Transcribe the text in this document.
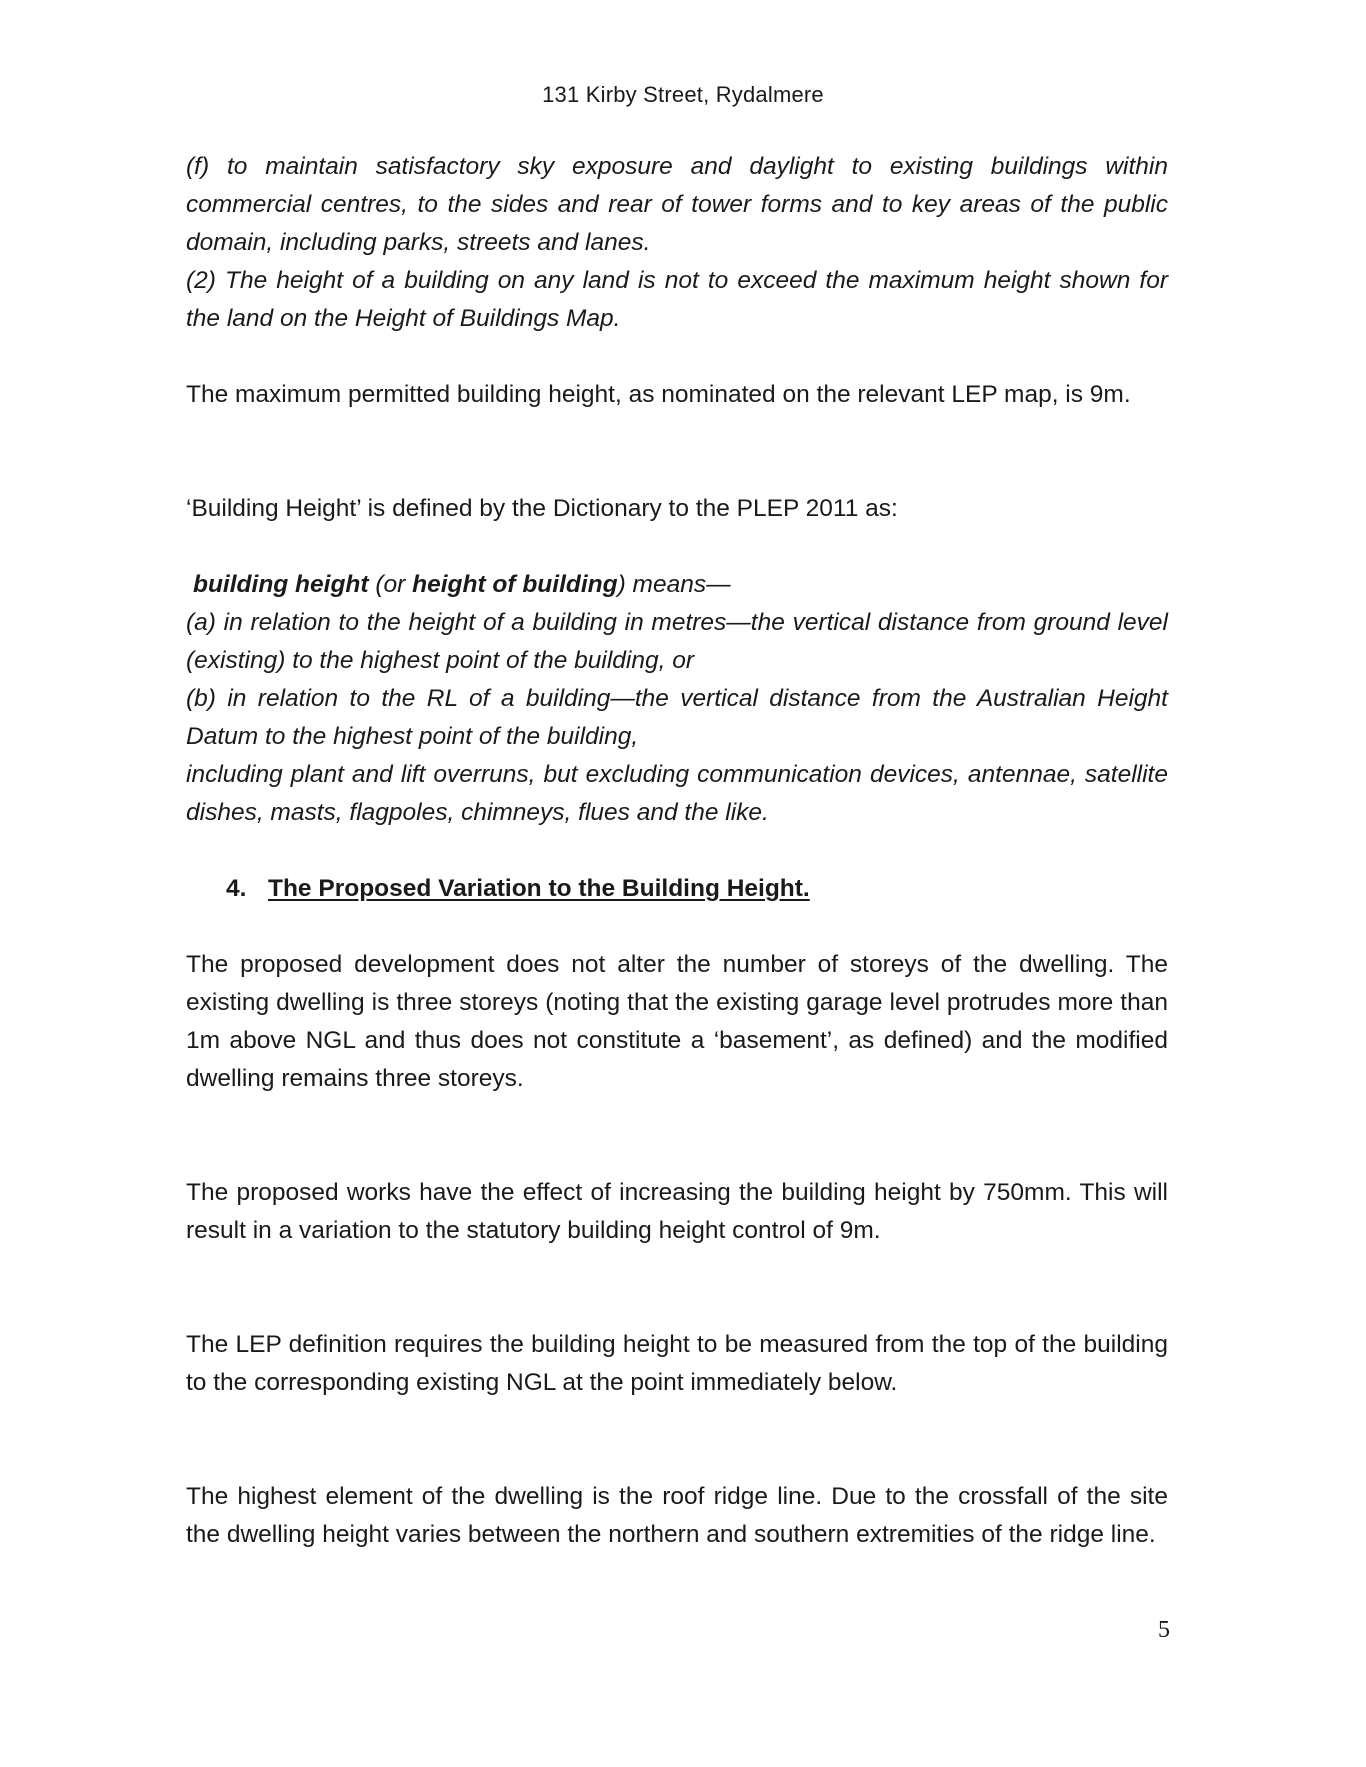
131 Kirby Street, Rydalmere

(f) to maintain satisfactory sky exposure and daylight to existing buildings within commercial centres, to the sides and rear of tower forms and to key areas of the public domain, including parks, streets and lanes.

(2) The height of a building on any land is not to exceed the maximum height shown for the land on the Height of Buildings Map.

The maximum permitted building height, as nominated on the relevant LEP map, is 9m.

‘Building Height’ is defined by the Dictionary to the PLEP 2011 as:

building height (or height of building) means—

(a) in relation to the height of a building in metres—the vertical distance from ground level (existing) to the highest point of the building, or

(b) in relation to the RL of a building—the vertical distance from the Australian Height Datum to the highest point of the building,

including plant and lift overruns, but excluding communication devices, antennae, satellite dishes, masts, flagpoles, chimneys, flues and the like.

4. The Proposed Variation to the Building Height.

The proposed development does not alter the number of storeys of the dwelling. The existing dwelling is three storeys (noting that the existing garage level protrudes more than 1m above NGL and thus does not constitute a ‘basement’, as defined) and the modified dwelling remains three storeys.

The proposed works have the effect of increasing the building height by 750mm. This will result in a variation to the statutory building height control of 9m.

The LEP definition requires the building height to be measured from the top of the building to the corresponding existing NGL at the point immediately below.

The highest element of the dwelling is the roof ridge line. Due to the crossfall of the site the dwelling height varies between the northern and southern extremities of the ridge line.

5
